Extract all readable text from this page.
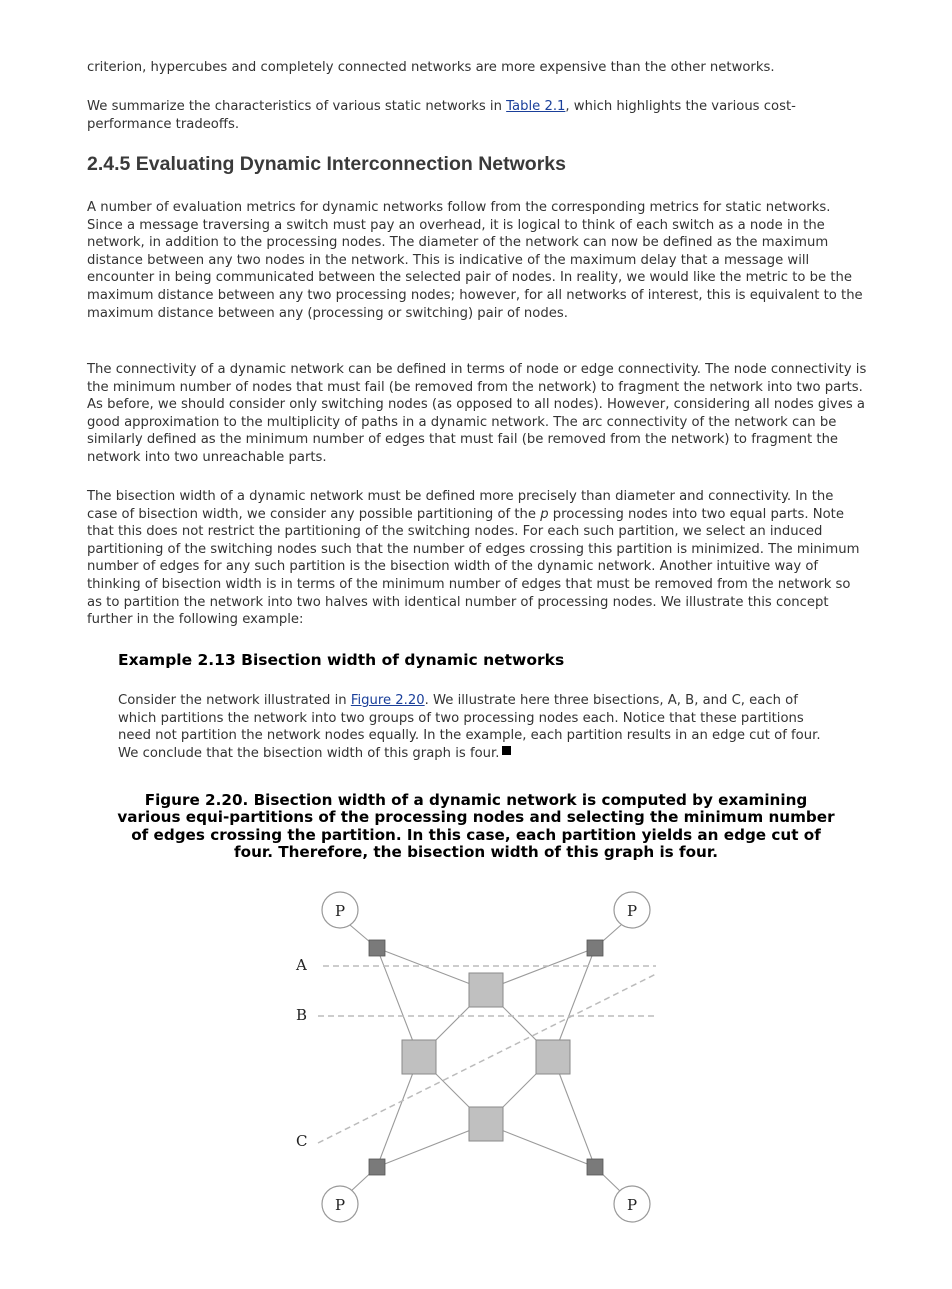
criterion, hypercubes and completely connected networks are more expensive than the other networks.

We summarize the characteristics of various static networks in Table 2.1, which highlights the various cost-performance tradeoffs.

2.4.5 Evaluating Dynamic Interconnection Networks

A number of evaluation metrics for dynamic networks follow from the corresponding metrics for static networks. Since a message traversing a switch must pay an overhead, it is logical to think of each switch as a node in the network, in addition to the processing nodes. The diameter of the network can now be defined as the maximum distance between any two nodes in the network. This is indicative of the maximum delay that a message will encounter in being communicated between the selected pair of nodes. In reality, we would like the metric to be the maximum distance between any two processing nodes; however, for all networks of interest, this is equivalent to the maximum distance between any (processing or switching) pair of nodes.

The connectivity of a dynamic network can be defined in terms of node or edge connectivity. The node connectivity is the minimum number of nodes that must fail (be removed from the network) to fragment the network into two parts. As before, we should consider only switching nodes (as opposed to all nodes). However, considering all nodes gives a good approximation to the multiplicity of paths in a dynamic network. The arc connectivity of the network can be similarly defined as the minimum number of edges that must fail (be removed from the network) to fragment the network into two unreachable parts.

The bisection width of a dynamic network must be defined more precisely than diameter and connectivity. In the case of bisection width, we consider any possible partitioning of the p processing nodes into two equal parts. Note that this does not restrict the partitioning of the switching nodes. For each such partition, we select an induced partitioning of the switching nodes such that the number of edges crossing this partition is minimized. The minimum number of edges for any such partition is the bisection width of the dynamic network. Another intuitive way of thinking of bisection width is in terms of the minimum number of edges that must be removed from the network so as to partition the network into two halves with identical number of processing nodes. We illustrate this concept further in the following example:

Example 2.13 Bisection width of dynamic networks

Consider the network illustrated in Figure 2.20. We illustrate here three bisections, A, B, and C, each of which partitions the network into two groups of two processing nodes each. Notice that these partitions need not partition the network nodes equally. In the example, each partition results in an edge cut of four. We conclude that the bisection width of this graph is four.

Figure 2.20. Bisection width of a dynamic network is computed by examining various equi-partitions of the processing nodes and selecting the minimum number of edges crossing the partition. In this case, each partition yields an edge cut of four. Therefore, the bisection width of this graph is four.

P	P
P	P
A
B
C
